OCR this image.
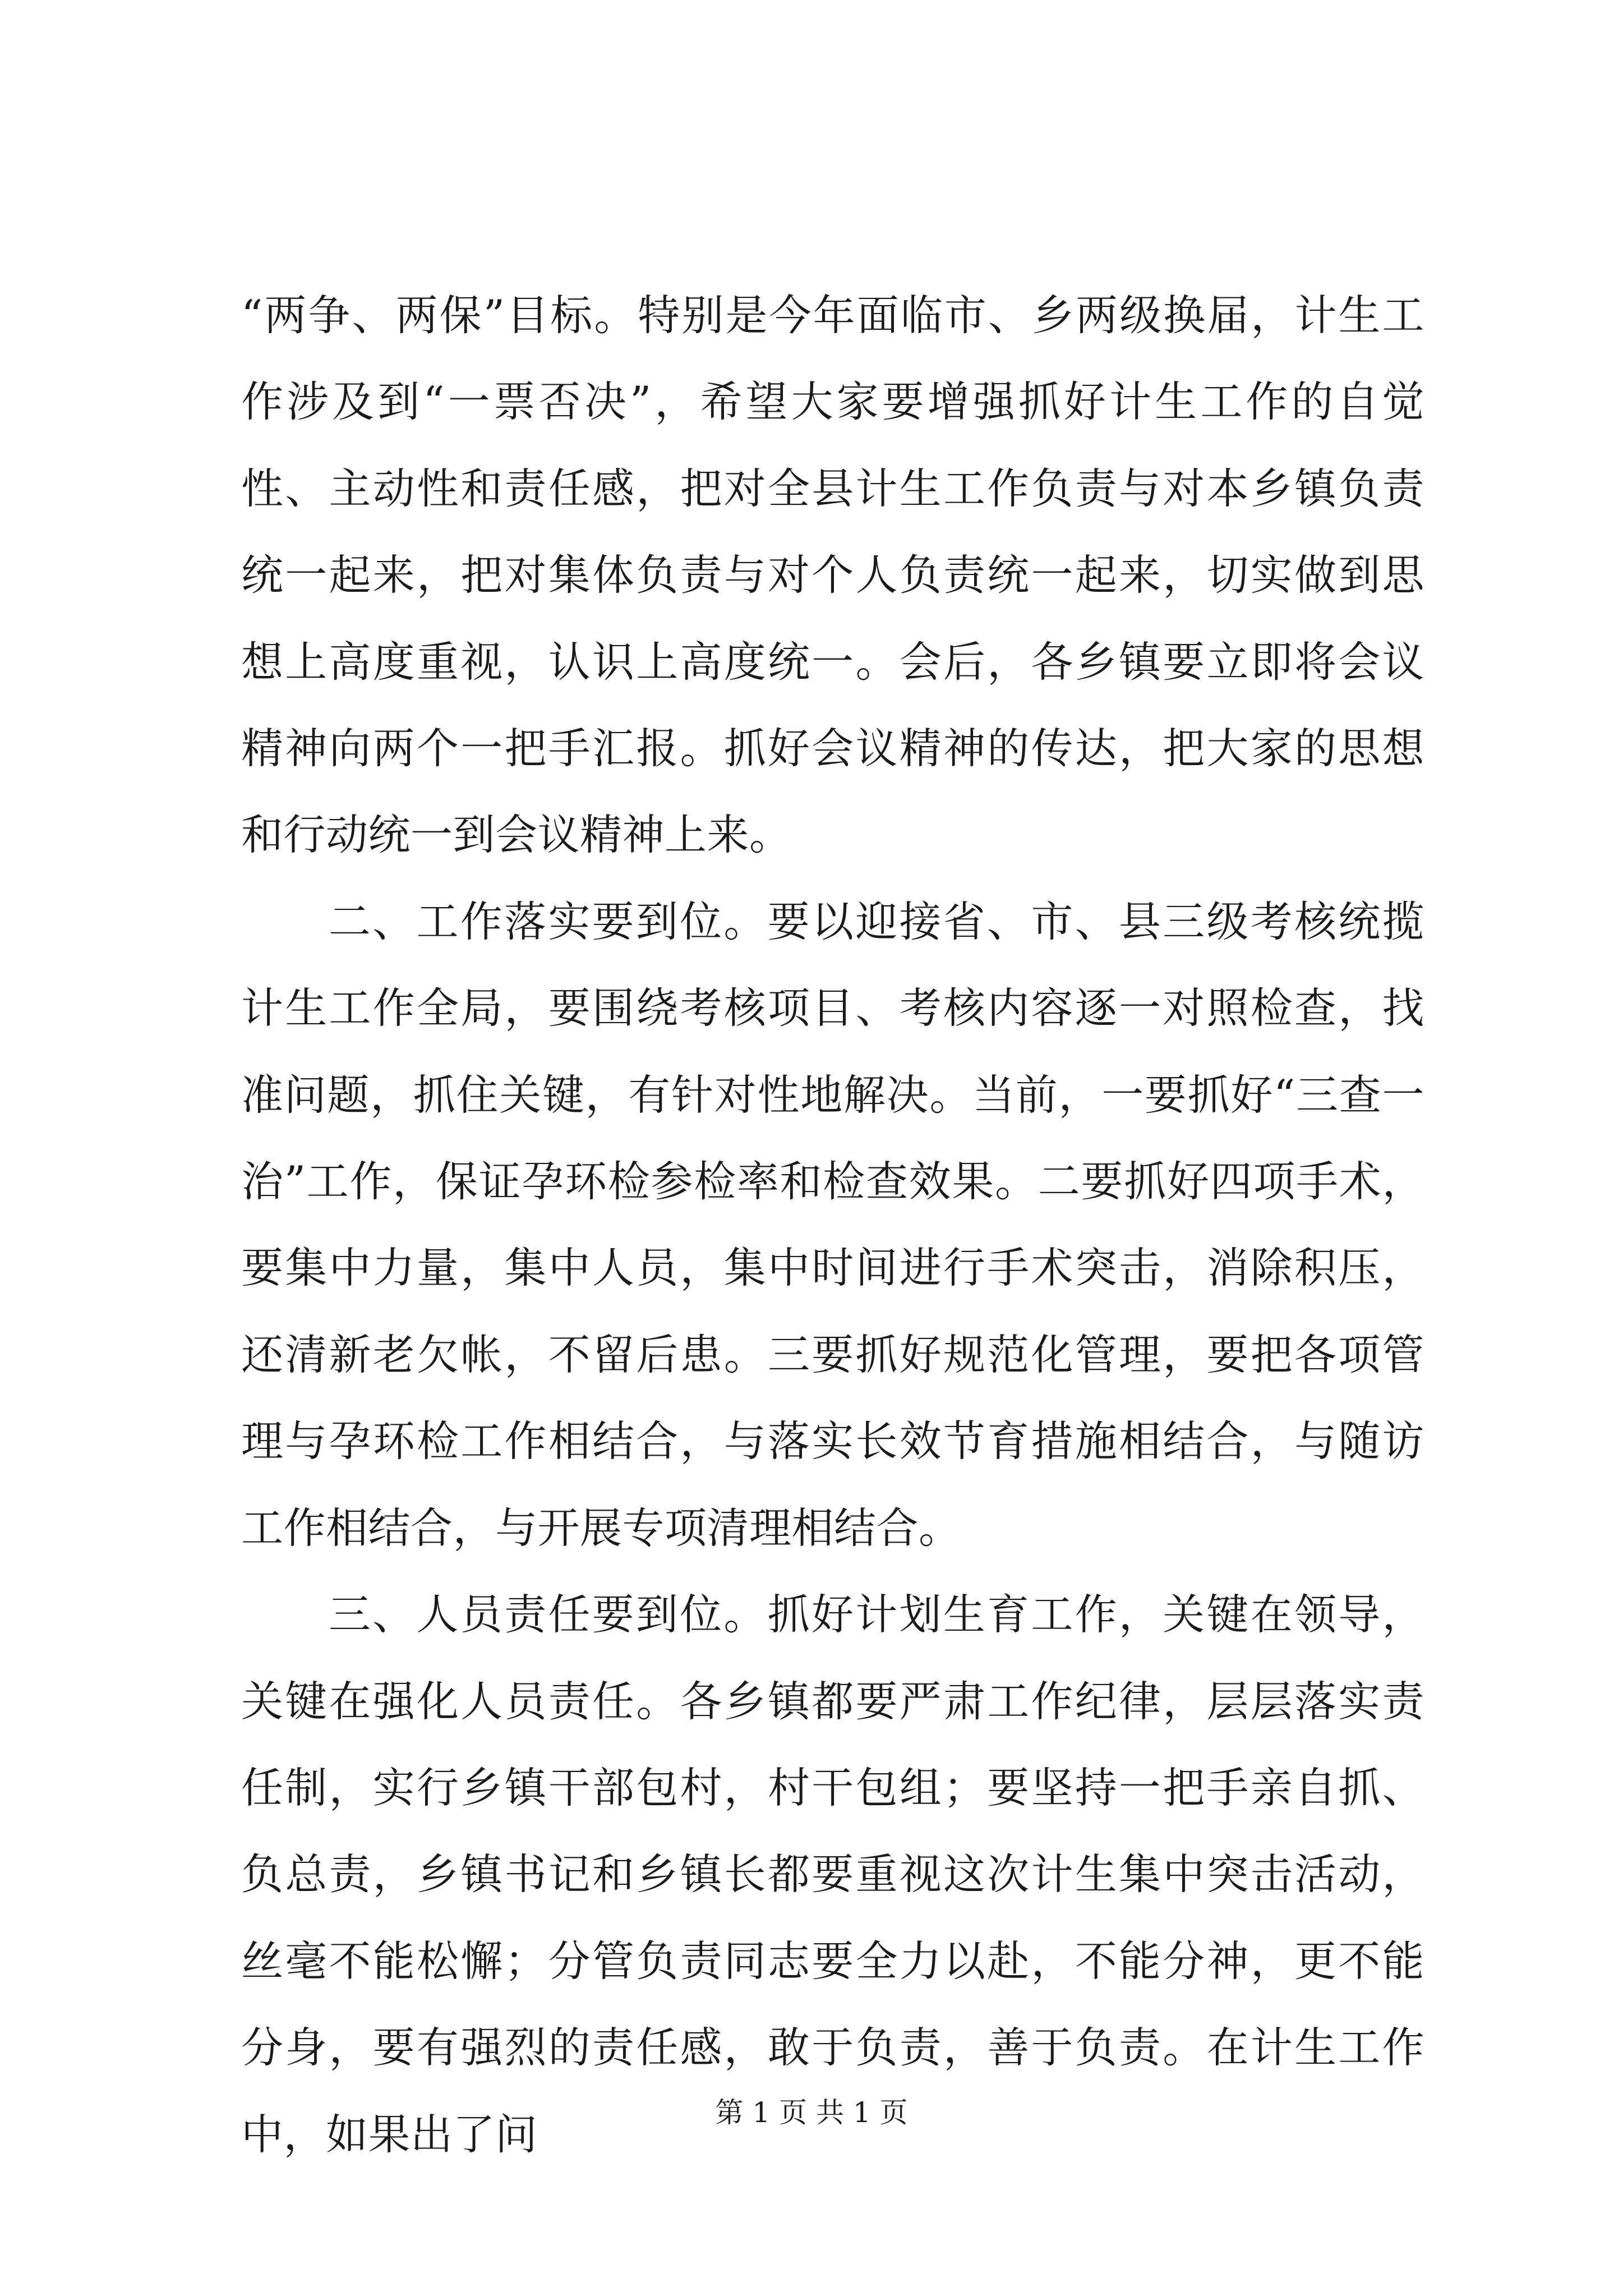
“两争、两保”目标。特别是今年面临市、乡两级换届，计生工作涉及到“一票否决”，希望大家要增强抓好计生工作的自觉性、主动性和责任感，把对全县计生工作负责与对本乡镇负责统一起来，把对集体负责与对个人负责统一起来，切实做到思想上高度重视，认识上高度统一。会后，各乡镇要立即将会议精神向两个一把手汇报。抓好会议精神的传达，把大家的思想和行动统一到会议精神上来。

二、工作落实要到位。要以迎接省、市、县三级考核统揽计生工作全局，要围绕考核项目、考核内容逐一对照检查，找准问题，抓住关键，有针对性地解决。当前，一要抓好“三查一治”工作，保证孕环检参检率和检查效果。二要抓好四项手术，要集中力量，集中人员，集中时间进行手术突击，消除积压，还清新老欠帐，不留后患。三要抓好规范化管理，要把各项管理与孕环检工作相结合，与落实长效节育措施相结合，与随访工作相结合，与开展专项清理相结合。

三、人员责任要到位。抓好计划生育工作，关键在领导，关键在强化人员责任。各乡镇都要严肃工作纪律，层层落实责任制，实行乡镇干部包村，村干包组；要坚持一把手亲自抓、负总责，乡镇书记和乡镇长都要重视这次计生集中突击活动，丝毫不能松懈；分管负责同志要全力以赴，不能分神，更不能分身，要有强烈的责任感，敢于负责，善于负责。在计生工作中，如果出了问	第 1 页 共 1 页
